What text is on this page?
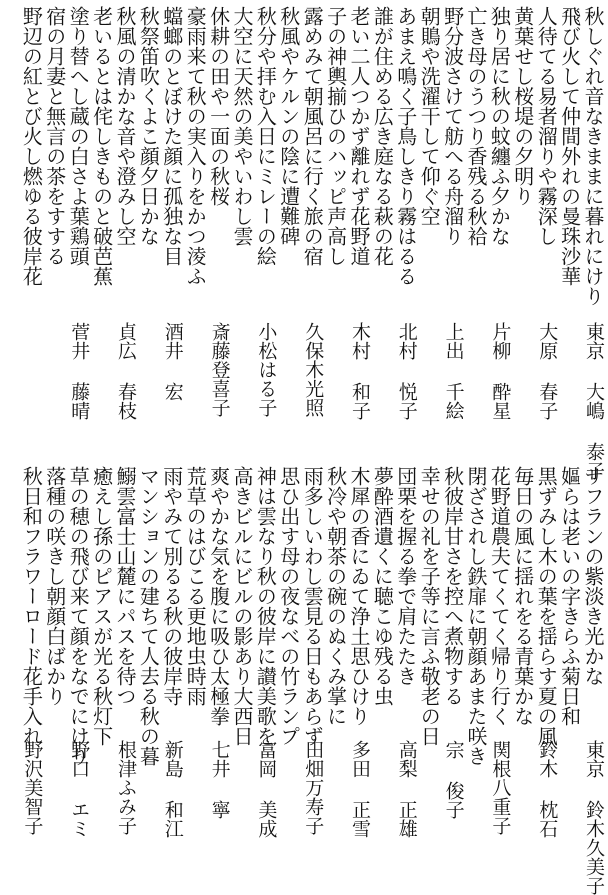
秋しぐれ音なきままに暮れにけり
飛び火して仲間外れの曼珠沙華
人待てる易者溜りや霧深し
黄葉せし桜堤の夕明り
独り居に秋の蚊纏ふ夕かな
亡き母のうつり香残る秋袷
野分波さけて舫へる舟溜り
朝鵙や洗濯干して仰ぐ空
あまえ鳴く子鳥しきり霧はるる
誰が住める広き庭なる萩の花
老い二人つかず離れず花野道
子の神輿揃ひのハッピ声高し
露めみて朝風呂に行く旅の宿
秋風やケルンの陰に遭難碑
秋分や拝む入日にミレーの絵
大空に天然の美やいわし雲
休耕の田や一面の秋桜
豪雨来て秋の実入りをかつ淩ふ
蟷螂のとぼけた顔に孤独な目
秋祭笛吹くよこ顔夕日かな
秋風の清かな音や澄みし空
老いるとは侘しきものと破芭蕉
塗り替へし蔵の白さよ葉鶏頭
宿の月妻と無言の茶をすする
野辺の紅とび火し燃ゆる彼岸花
東京 大嶋 泰子
大原 春子
片柳 酔星
上出 千絵
北村 悦子
木村 和子
久保木光照
小松はる子
斎藤登喜子
酒井 宏
貞広 春枝
菅井 藤晴
サフランの紫淡き光かな
嫗らは老いの字きらふ菊日和
黒ずみし木の葉を揺らす夏の風
毎日の風に揺れをる青葉かな
花野道農夫てくてく帰り行く
閉ざされし鉄扉に朝顔あまた咲き
秋彼岸甘さを控へ煮物する
幸せの礼を子等に言ふ敬老の日
団栗を握る拳で肩たたき
夢酔酒遺くに聴こゆ残る虫
木犀の香にゐて浄土思ひけり
秋冷や朝茶の碗のぬくみ掌に
雨多しいわし雲見る日もあらず
思ひ出す母の夜なべの竹ランプ
神は雲なり秋の彼岸に讃美歌を
高きビルにビルの影あり大西日
爽やかな気を腹に吸ひ太極拳
荒草のはびこる更地虫時雨
雨やみて別るる秋の彼岸寺
マンションの建ちて人去る秋の暮
鰯雲富士山麓にパスを待つ
癒えし孫のピアスが光る秋灯下
草の穂の飛び来て顔をなでにけり
落種の咲きし朝顔白ばかり
秋日和フラワーロード花手入れ
東京 鈴木久美子
鈴木 枕石
関根八重子
宗 俊子
高梨 正雄
多田 正雪
田畑万寿子
富岡 美成
七井 寧
新島 和江
根津ふみ子
野口 エミ
野沢美智子
